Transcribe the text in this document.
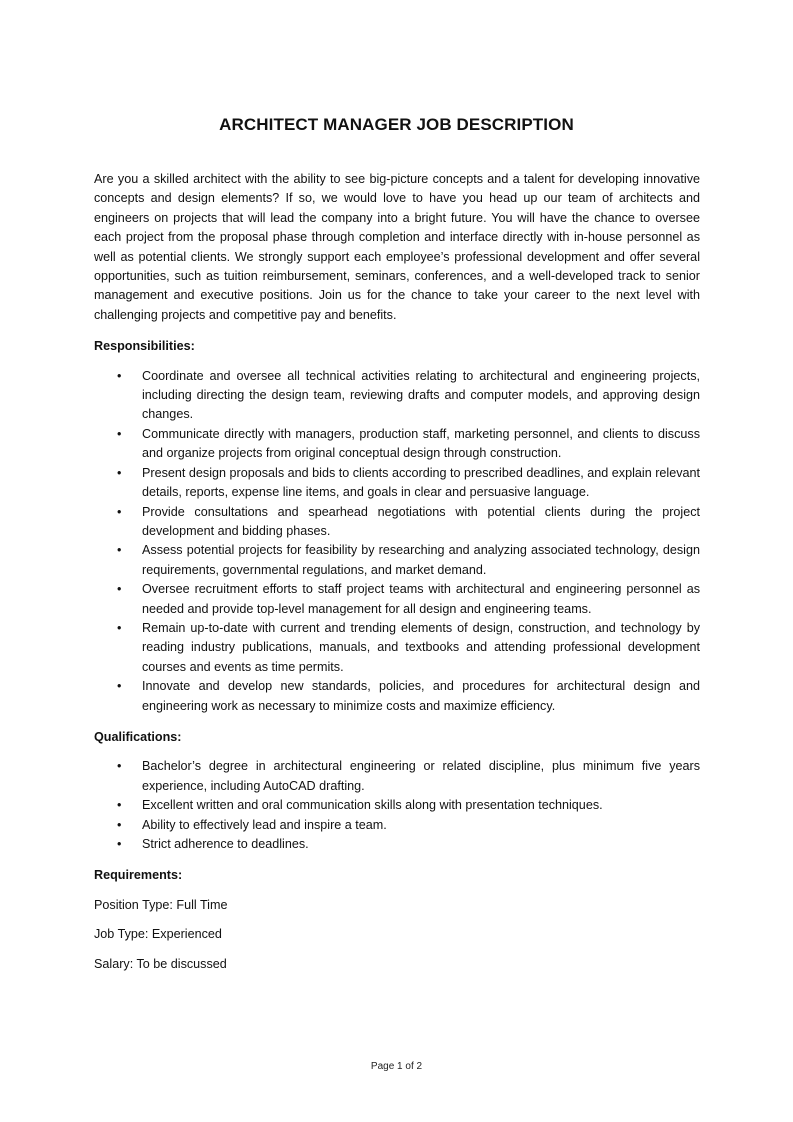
ARCHITECT MANAGER JOB DESCRIPTION

Are you a skilled architect with the ability to see big-picture concepts and a talent for developing innovative concepts and design elements? If so, we would love to have you head up our team of architects and engineers on projects that will lead the company into a bright future. You will have the chance to oversee each project from the proposal phase through completion and interface directly with in-house personnel as well as potential clients. We strongly support each employee’s professional development and offer several opportunities, such as tuition reimbursement, seminars, conferences, and a well-developed track to senior management and executive positions. Join us for the chance to take your career to the next level with challenging projects and competitive pay and benefits.

Responsibilities:
• Coordinate and oversee all technical activities relating to architectural and engineering projects, including directing the design team, reviewing drafts and computer models, and approving design changes.
• Communicate directly with managers, production staff, marketing personnel, and clients to discuss and organize projects from original conceptual design through construction.
• Present design proposals and bids to clients according to prescribed deadlines, and explain relevant details, reports, expense line items, and goals in clear and persuasive language.
• Provide consultations and spearhead negotiations with potential clients during the project development and bidding phases.
• Assess potential projects for feasibility by researching and analyzing associated technology, design requirements, governmental regulations, and market demand.
• Oversee recruitment efforts to staff project teams with architectural and engineering personnel as needed and provide top-level management for all design and engineering teams.
• Remain up-to-date with current and trending elements of design, construction, and technology by reading industry publications, manuals, and textbooks and attending professional development courses and events as time permits.
• Innovate and develop new standards, policies, and procedures for architectural design and engineering work as necessary to minimize costs and maximize efficiency.
Qualifications:
• Bachelor’s degree in architectural engineering or related discipline, plus minimum five years experience, including AutoCAD drafting.
• Excellent written and oral communication skills along with presentation techniques.
• Ability to effectively lead and inspire a team.
• Strict adherence to deadlines.
Requirements:

Position Type: Full Time

Job Type: Experienced

Salary: To be discussed

Page 1 of 2
